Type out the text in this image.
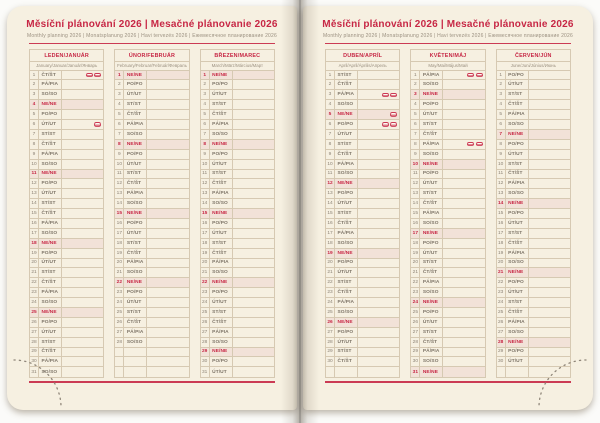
Měsíční plánování 2026 | Mesačné plánovanie 2026
Monthly planning 2026 | Monatsplanung 2026 | Havi tervezés 2026 | Ежемесячное планирование 2026
LEDEN/JANUÁR
January/Januar/Január/Январь
1	ČT/ŠT
2	PÁ/PIA
3	SO/SO
4	NE/NE
5	PO/PO
6	ÚT/UT
7	ST/ST
8	ČT/ŠT
9	PÁ/PIA
10	SO/SO
11	NE/NE
12	PO/PO
13	ÚT/UT
14	ST/ST
15	ČT/ŠT
16	PÁ/PIA
17	SO/SO
18	NE/NE
19	PO/PO
20	ÚT/UT
21	ST/ST
22	ČT/ŠT
23	PÁ/PIA
24	SO/SO
25	NE/NE
26	PO/PO
27	ÚT/UT
28	ST/ST
29	ČT/ŠT
30	PÁ/PIA
31	SO/SO
ÚNOR/FEBRUÁR
February/Februar/Február/Февраль
1	NE/NE
2	PO/PO
3	ÚT/UT
4	ST/ST
5	ČT/ŠT
6	PÁ/PIA
7	SO/SO
8	NE/NE
9	PO/PO
10	ÚT/UT
11	ST/ST
12	ČT/ŠT
13	PÁ/PIA
14	SO/SO
15	NE/NE
16	PO/PO
17	ÚT/UT
18	ST/ST
19	ČT/ŠT
20	PÁ/PIA
21	SO/SO
22	NE/NE
23	PO/PO
24	ÚT/UT
25	ST/ST
26	ČT/ŠT
27	PÁ/PIA
28	SO/SO
BŘEZEN/MAREC
March/März/Március/Март
1	NE/NE
2	PO/PO
3	ÚT/UT
4	ST/ST
5	ČT/ŠT
6	PÁ/PIA
7	SO/SO
8	NE/NE
9	PO/PO
10	ÚT/UT
11	ST/ST
12	ČT/ŠT
13	PÁ/PIA
14	SO/SO
15	NE/NE
16	PO/PO
17	ÚT/UT
18	ST/ST
19	ČT/ŠT
20	PÁ/PIA
21	SO/SO
22	NE/NE
23	PO/PO
24	ÚT/UT
25	ST/ST
26	ČT/ŠT
27	PÁ/PIA
28	SO/SO
29	NE/NE
30	PO/PO
31	ÚT/UT
Měsíční plánování 2026 | Mesačné plánovanie 2026
Monthly planning 2026 | Monatsplanung 2026 | Havi tervezés 2026 | Ежемесячное планирование 2026
DUBEN/APRÍL
April/April/Április/Апрель
1	ST/ST
2	ČT/ŠT
3	PÁ/PIA
4	SO/SO
5	NE/NE
6	PO/PO
7	ÚT/UT
8	ST/ST
9	ČT/ŠT
10	PÁ/PIA
11	SO/SO
12	NE/NE
13	PO/PO
14	ÚT/UT
15	ST/ST
16	ČT/ŠT
17	PÁ/PIA
18	SO/SO
19	NE/NE
20	PO/PO
21	ÚT/UT
22	ST/ST
23	ČT/ŠT
24	PÁ/PIA
25	SO/SO
26	NE/NE
27	PO/PO
28	ÚT/UT
29	ST/ST
30	ČT/ŠT
KVĚTEN/MÁJ
May/Mai/Május/Май
1	PÁ/PIA
2	SO/SO
3	NE/NE
4	PO/PO
5	ÚT/UT
6	ST/ST
7	ČT/ŠT
8	PÁ/PIA
9	SO/SO
10	NE/NE
11	PO/PO
12	ÚT/UT
13	ST/ST
14	ČT/ŠT
15	PÁ/PIA
16	SO/SO
17	NE/NE
18	PO/PO
19	ÚT/UT
20	ST/ST
21	ČT/ŠT
22	PÁ/PIA
23	SO/SO
24	NE/NE
25	PO/PO
26	ÚT/UT
27	ST/ST
28	ČT/ŠT
29	PÁ/PIA
30	SO/SO
31	NE/NE
ČERVEN/JÚN
June/Juni/Június/Июнь
1	PO/PO
2	ÚT/UT
3	ST/ST
4	ČT/ŠT
5	PÁ/PIA
6	SO/SO
7	NE/NE
8	PO/PO
9	ÚT/UT
10	ST/ST
11	ČT/ŠT
12	PÁ/PIA
13	SO/SO
14	NE/NE
15	PO/PO
16	ÚT/UT
17	ST/ST
18	ČT/ŠT
19	PÁ/PIA
20	SO/SO
21	NE/NE
22	PO/PO
23	ÚT/UT
24	ST/ST
25	ČT/ŠT
26	PÁ/PIA
27	SO/SO
28	NE/NE
29	PO/PO
30	ÚT/UT
